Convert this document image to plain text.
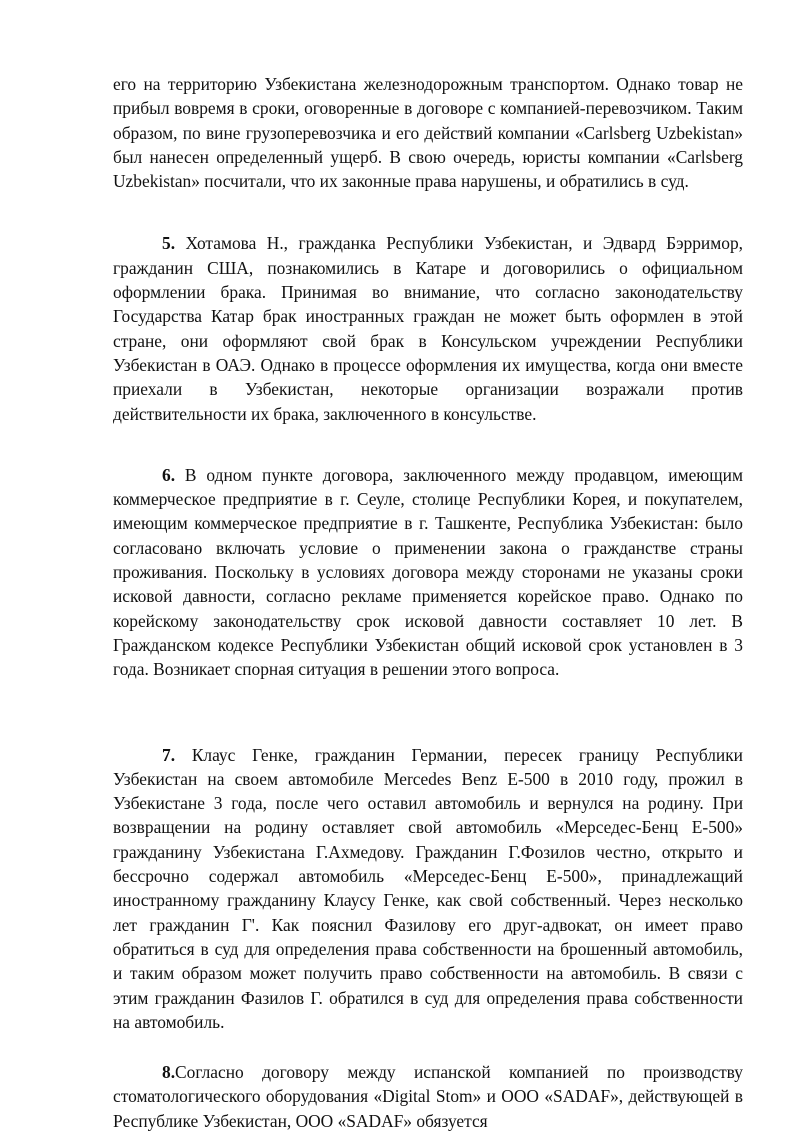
его на территорию Узбекистана железнодорожным транспортом. Однако товар не прибыл вовремя в сроки, оговоренные в договоре с компанией-перевозчиком. Таким образом, по вине грузоперевозчика и его действий компании «Carlsberg Uzbekistan» был нанесен определенный ущерб. В свою очередь, юристы компании «Carlsberg Uzbekistan» посчитали, что их законные права нарушены, и обратились в суд.

5. Хотамова Н., гражданка Республики Узбекистан, и Эдвард Бэрримор, гражданин США, познакомились в Катаре и договорились о официальном оформлении брака. Принимая во внимание, что согласно законодательству Государства Катар брак иностранных граждан не может быть оформлен в этой стране, они оформляют свой брак в Консульском учреждении Республики Узбекистан в ОАЭ. Однако в процессе оформления их имущества, когда они вместе приехали в Узбекистан, некоторые организации возражали против действительности их брака, заключенного в консульстве.

6. В одном пункте договора, заключенного между продавцом, имеющим коммерческое предприятие в г. Сеуле, столице Республики Корея, и покупателем, имеющим коммерческое предприятие в г. Ташкенте, Республика Узбекистан: было согласовано включать условие о применении закона о гражданстве страны проживания. Поскольку в условиях договора между сторонами не указаны сроки исковой давности, согласно рекламе применяется корейское право. Однако по корейскому законодательству срок исковой давности составляет 10 лет. В Гражданском кодексе Республики Узбекистан общий исковой срок установлен в 3 года. Возникает спорная ситуация в решении этого вопроса.

7. Клаус Генке, гражданин Германии, пересек границу Республики Узбекистан на своем автомобиле Mercedes Benz E-500 в 2010 году, прожил в Узбекистане 3 года, после чего оставил автомобиль и вернулся на родину. При возвращении на родину оставляет свой автомобиль «Мерседес-Бенц Е-500» гражданину Узбекистана Г.Ахмедову. Гражданин Г.Фозилов честно, открыто и бессрочно содержал автомобиль «Мерседес-Бенц Е-500», принадлежащий иностранному гражданину Клаусу Генке, как свой собственный. Через несколько лет гражданин Г'. Как пояснил Фазилову его друг-адвокат, он имеет право обратиться в суд для определения права собственности на брошенный автомобиль, и таким образом может получить право собственности на автомобиль. В связи с этим гражданин Фазилов Г. обратился в суд для определения права собственности на автомобиль.

8.Согласно договору между испанской компанией по производству стоматологического оборудования «Digital Stom» и ООО «SADAF», действующей в Республике Узбекистан, ООО «SADAF» обязуется
